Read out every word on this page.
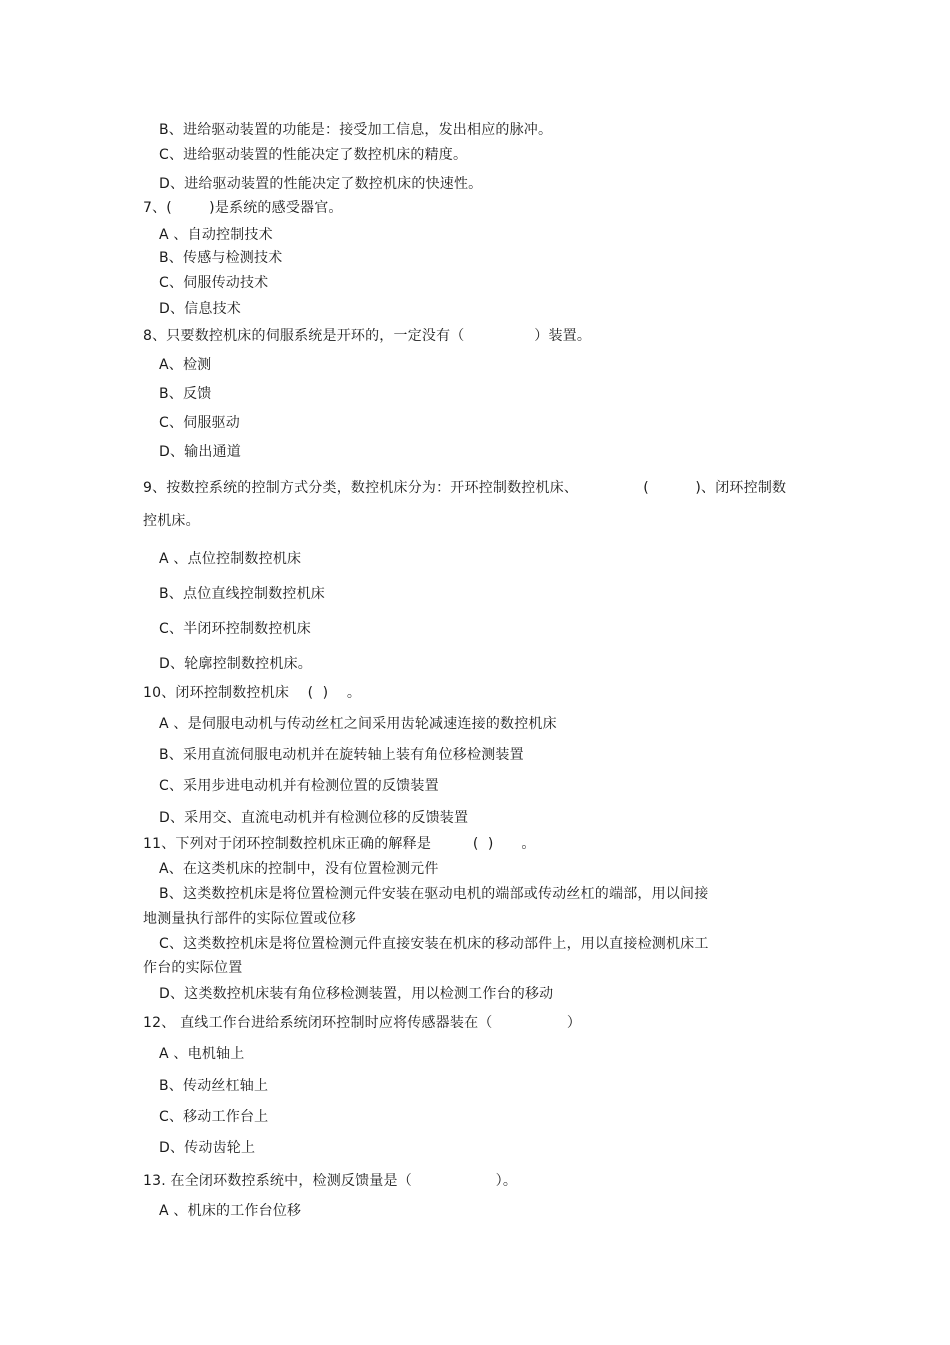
B、进给驱动装置的功能是：接受加工信息，发出相应的脉冲。
C、进给驱动装置的性能决定了数控机床的精度。
D、进给驱动装置的性能决定了数控机床的快速性。
7、(        )是系统的感受器官。
A 、自动控制技术
B、传感与检测技术
C、伺服传动技术
D、信息技术
8、只要数控机床的伺服系统是开环的，一定没有（               ）装置。
A、检测
B、反馈
C、伺服驱动
D、输出通道
9、按数控系统的控制方式分类，数控机床分为：开环控制数控机床、              (          )、闭环控制数
控机床。
A 、点位控制数控机床
B、点位直线控制数控机床
C、半闭环控制数控机床
D、轮廓控制数控机床。
10、闭环控制数控机床    (  )    。
A 、是伺服电动机与传动丝杠之间采用齿轮减速连接的数控机床
B、采用直流伺服电动机并在旋转轴上装有角位移检测装置
C、采用步进电动机并有检测位置的反馈装置
D、采用交、直流电动机并有检测位移的反馈装置
11、下列对于闭环控制数控机床正确的解释是         (  )      。
A、在这类机床的控制中，没有位置检测元件
B、这类数控机床是将位置检测元件安装在驱动电机的端部或传动丝杠的端部，用以间接
地测量执行部件的实际位置或位移
C、这类数控机床是将位置检测元件直接安装在机床的移动部件上，用以直接检测机床工
作台的实际位置
D、这类数控机床装有角位移检测装置，用以检测工作台的移动
12、 直线工作台进给系统闭环控制时应将传感器装在（                ）
A 、电机轴上
B、传动丝杠轴上
C、移动工作台上
D、传动齿轮上
13. 在全闭环数控系统中，检测反馈量是（                  ）。
A 、机床的工作台位移
